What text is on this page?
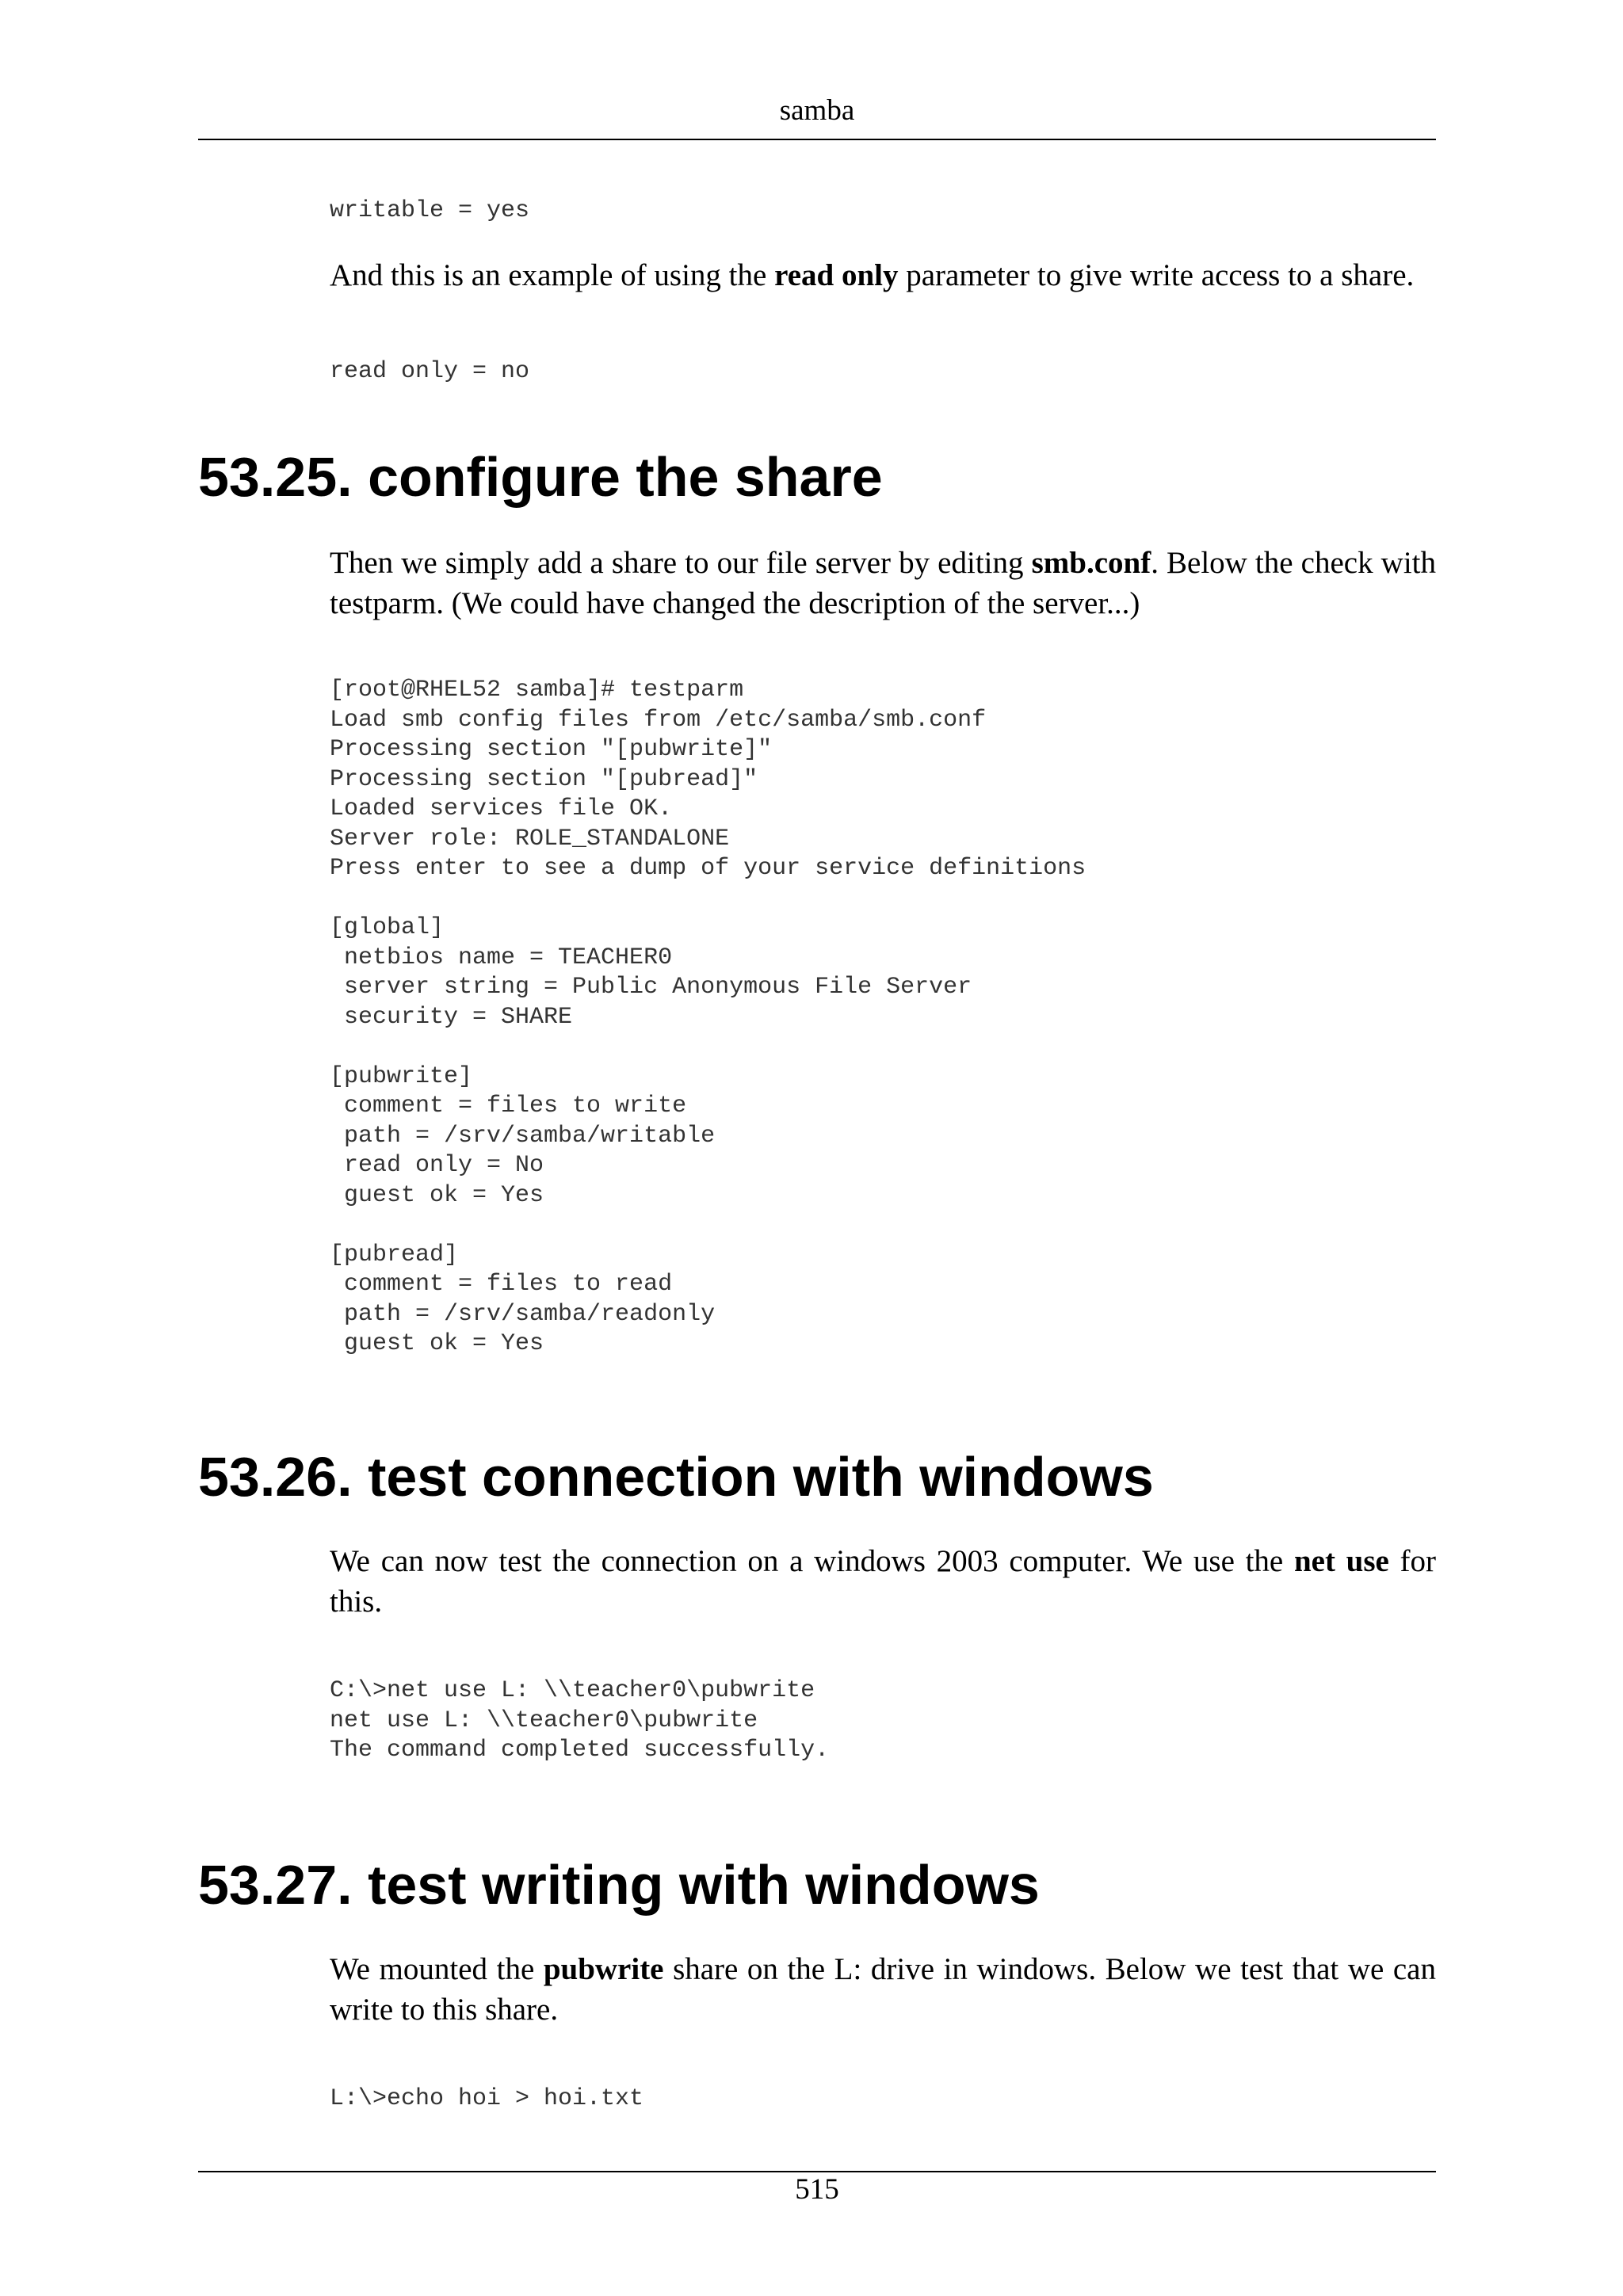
samba
writable = yes

And this is an example of using the read only parameter to give write access to a share.

read only = no
53.25. configure the share

Then we simply add a share to our file server by editing smb.conf. Below the check with testparm. (We could have changed the description of the server...)

[root@RHEL52 samba]# testparm
Load smb config files from /etc/samba/smb.conf
Processing section "[pubwrite]"
Processing section "[pubread]"
Loaded services file OK.
Server role: ROLE_STANDALONE
Press enter to see a dump of your service definitions
[global]
netbios name = TEACHER0
server string = Public Anonymous File Server
security = SHARE
[pubwrite]
comment = files to write
path = /srv/samba/writable
read only = No
guest ok = Yes
[pubread]
comment = files to read
path = /srv/samba/readonly
guest ok = Yes
53.26. test connection with windows

We can now test the connection on a windows 2003 computer. We use the net use for this.

C:\>net use L: \\teacher0\pubwrite
net use L: \\teacher0\pubwrite
The command completed successfully.
53.27. test writing with windows

We mounted the pubwrite share on the L: drive in windows. Below we test that we can write to this share.

L:\>echo hoi > hoi.txt
515
